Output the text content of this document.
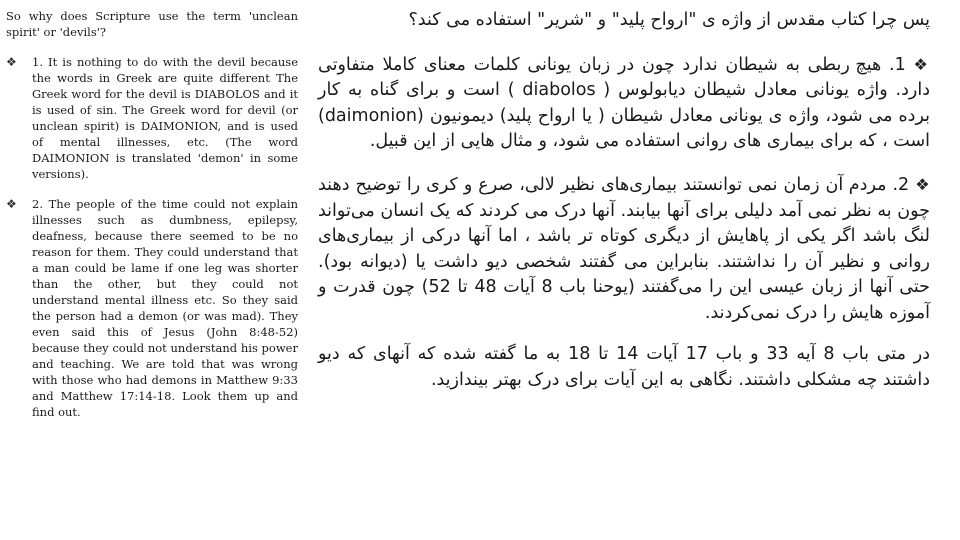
So why does Scripture use the term 'unclean spirit' or 'devils'?

❖ 1. It is nothing to do with the devil because the words in Greek are quite different The Greek word for the devil is DIABOLOS and it is used of sin. The Greek word for devil (or unclean spirit) is DAIMONION, and is used of mental illnesses, etc. (The word DAIMONION is translated 'demon' in some versions).
❖ 2. The people of the time could not explain illnesses such as dumbness, epilepsy, deafness, because there seemed to be no reason for them. They could understand that a man could be lame if one leg was shorter than the other, but they could not understand mental illness etc. So they said the person had a demon (or was mad). They even said this of Jesus (John 8:48-52) because they could not understand his power and teaching. We are told that was wrong with those who had demons in Matthew 9:33 and Matthew 17:14-18. Look them up and find out.

پس چرا کتاب مقدس از واژه ی "ارواح پلید" و "شریر" استفاده می کند؟

❖ 1. هیچ ربطی به شیطان ندارد چون در زبان یونانی کلمات معنای کاملا متفاوتی دارد. واژه یونانی معادل شیطان دیابولوس ( diabolos ) است و برای گناه به کار برده می شود، واژه ی یونانی معادل شیطان ( یا ارواح پلید) دیمونیون (daimonion) است ، که برای بیماری های روانی استفاده می شود، و مثال هایی از این قبیل.

❖ 2. مردم آن زمان نمی توانستند بیماری‌های نظیر لالی، صرع و کری را توضیح دهند چون به نظر نمی آمد دلیلی برای آنها بیابند. آنها درک می کردند که یک انسان می‌تواند لنگ باشد اگر یکی از پاهایش از دیگری کوتاه تر باشد ، اما آنها درکی از بیماری‌های روانی و نظیر آن را نداشتند. بنابراین می گفتند شخصی دیو داشت یا (دیوانه بود). حتی آنها از زبان عیسی این را می‌گفتند (یوحنا باب 8 آیات 48 تا 52) چون قدرت و آموزه هایش را درک نمی‌کردند.

در متی باب 8 آیه 33 و باب 17 آیات 14 تا 18 به ما گفته شده که آنهای که دیو داشتند چه مشکلی داشتند. نگاهی به این آیات برای درک بهتر بیندازید.
